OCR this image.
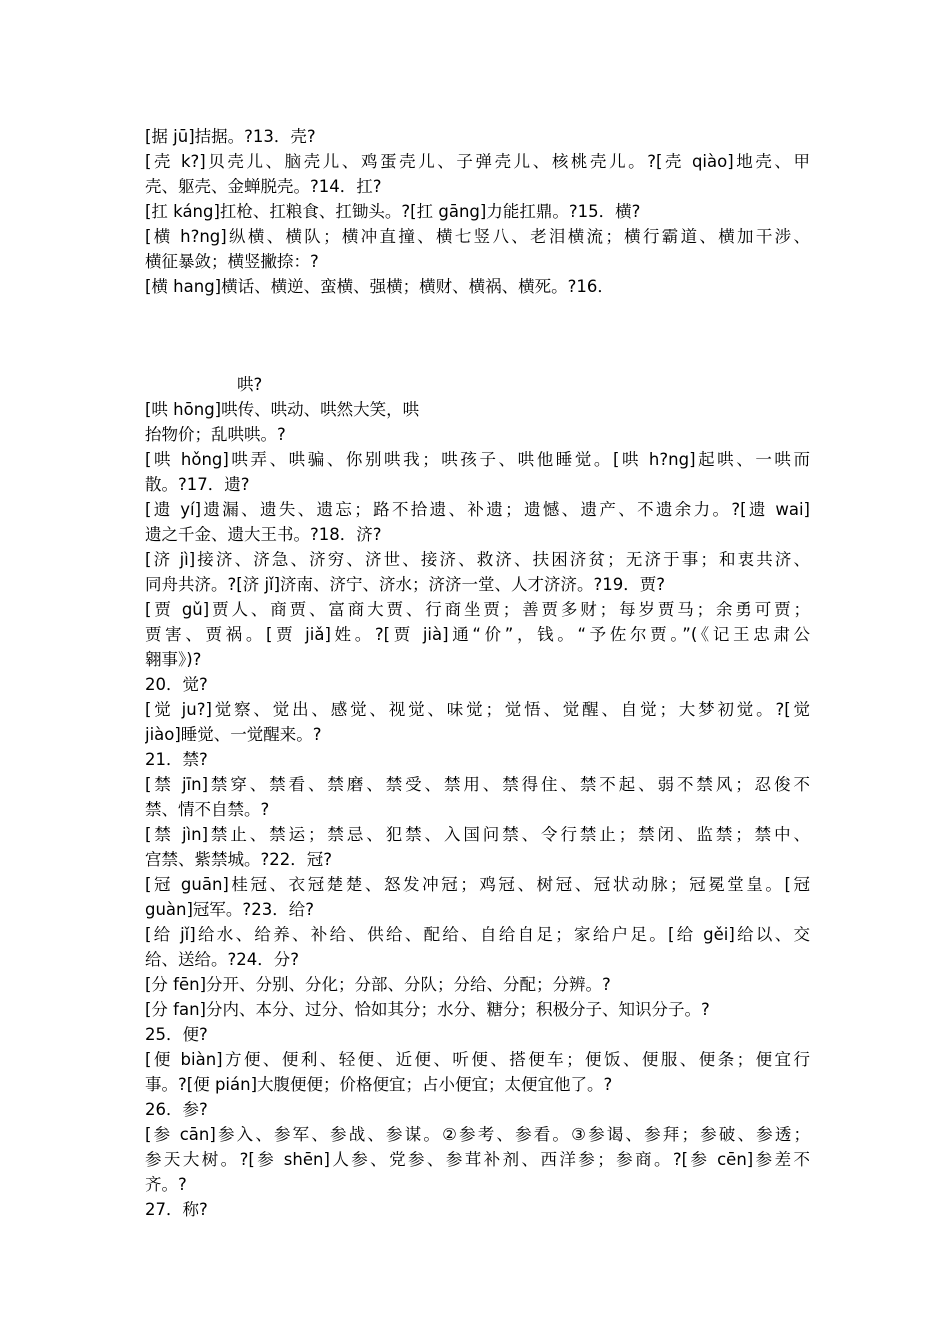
[据 jū]拮据。?13．壳?
[壳 k?]贝壳儿、脑壳儿、鸡蛋壳儿、子弹壳儿、核桃壳儿。?[壳 qiào]地壳、甲
壳、躯壳、金蝉脱壳。?14．扛?
[扛 káng]扛枪、扛粮食、扛锄头。?[扛 gāng]力能扛鼎。?15．横?
[横 h?ng]纵横、横队；横冲直撞、横七竖八、老泪横流；横行霸道、横加干涉、
横征暴敛；横竖撇捺：?
[横 hang]横话、横逆、蛮横、强横；横财、横祸、横死。?16．
哄?
[哄 hōng]哄传、哄动、哄然大笑，哄
抬物价；乱哄哄。?
[哄 hǒng]哄弄、哄骗、你别哄我；哄孩子、哄他睡觉。[哄 h?ng]起哄、一哄而
散。?17．遗?
[遗 yí]遗漏、遗失、遗忘；路不拾遗、补遗；遗憾、遗产、不遗余力。?[遗 wai]
遗之千金、遗大王书。?18．济?
[济 jì]接济、济急、济穷、济世、接济、救济、扶困济贫；无济于事；和衷共济、
同舟共济。?[济 jǐ]济南、济宁、济水；济济一堂、人才济济。?19．贾?
[贾 gǔ]贾人、商贾、富商大贾、行商坐贾；善贾多财；每岁贾马；余勇可贾；
贾害、贾祸。[贾 jiǎ]姓。?[贾 jià]通“价”，钱。“予佐尔贾。”(《记王忠肃公
翱事》)?
20．觉?
[觉 ju?]觉察、觉出、感觉、视觉、味觉；觉悟、觉醒、自觉；大梦初觉。?[觉
jiào]睡觉、一觉醒来。?
21．禁?
[禁 jīn]禁穿、禁看、禁磨、禁受、禁用、禁得住、禁不起、弱不禁风；忍俊不
禁、情不自禁。?
[禁 jìn]禁止、禁运；禁忌、犯禁、入国问禁、令行禁止；禁闭、监禁；禁中、
宫禁、紫禁城。?22．冠?
[冠 guān]桂冠、衣冠楚楚、怒发冲冠；鸡冠、树冠、冠状动脉；冠冕堂皇。[冠
guàn]冠军。?23．给?
[给 jǐ]给水、给养、补给、供给、配给、自给自足；家给户足。[给 gěi]给以、交
给、送给。?24．分?
[分 fēn]分开、分别、分化；分部、分队；分给、分配；分辨。?
[分 fan]分内、本分、过分、恰如其分；水分、糖分；积极分子、知识分子。?
25．便?
[便 biàn]方便、便利、轻便、近便、听便、搭便车；便饭、便服、便条；便宜行
事。?[便 pián]大腹便便；价格便宜；占小便宜；太便宜他了。?
26．参?
[参 cān]参入、参军、参战、参谋。②参考、参看。③参谒、参拜；参破、参透；
参天大树。?[参 shēn]人参、党参、参茸补剂、西洋参；参商。?[参 cēn]参差不
齐。?
27．称?
